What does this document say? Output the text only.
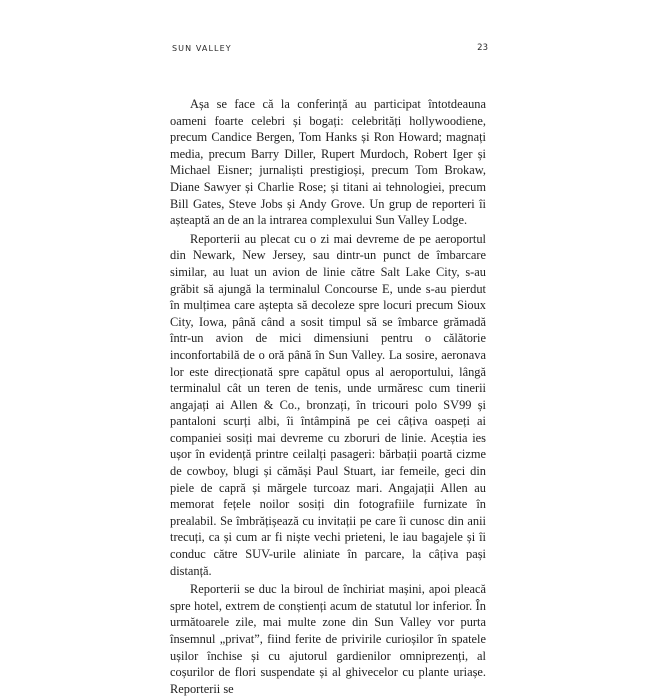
SUN VALLEY	23

Așa se face că la conferință au participat întotdeauna oameni foarte celebri și bogați: celebrități hollywoodiene, precum Candice Bergen, Tom Hanks și Ron Howard; magnați media, precum Barry Diller, Rupert Murdoch, Robert Iger și Michael Eisner; jurnaliști prestigioși, precum Tom Brokaw, Diane Sawyer și Charlie Rose; și titani ai tehnologiei, precum Bill Gates, Steve Jobs și Andy Grove. Un grup de reporteri îi așteaptă an de an la intrarea complexului Sun Valley Lodge.

Reporterii au plecat cu o zi mai devreme de pe aeroportul din Newark, New Jersey, sau dintr-un punct de îmbarcare similar, au luat un avion de linie către Salt Lake City, s-au grăbit să ajungă la terminalul Concourse E, unde s-au pierdut în mulțimea care aștepta să decoleze spre locuri precum Sioux City, Iowa, până când a sosit timpul să se îmbarce grămadă într-un avion de mici dimensiuni pentru o călătorie inconfortabilă de o oră până în Sun Valley. La sosire, aeronava lor este direcționată spre capătul opus al aeroportului, lângă terminalul cât un teren de tenis, unde urmăresc cum tinerii angajați ai Allen & Co., bronzați, în tricouri polo SV99 și pantaloni scurți albi, îi întâmpină pe cei câțiva oaspeți ai companiei sosiți mai devreme cu zboruri de linie. Aceștia ies ușor în evidență printre ceilalți pasageri: bărbații poartă cizme de cowboy, blugi și cămăși Paul Stuart, iar femeile, geci din piele de capră și mărgele turcoaz mari. Angajații Allen au memorat fețele noilor sosiți din fotografiile furnizate în prealabil. Se îmbrățișează cu invitații pe care îi cunosc din anii trecuți, ca și cum ar fi niște vechi prieteni, le iau bagajele și îi conduc către SUV-urile aliniate în parcare, la câțiva pași distanță.

Reporterii se duc la biroul de închiriat mașini, apoi pleacă spre hotel, extrem de conștienți acum de statutul lor inferior. În următoarele zile, mai multe zone din Sun Valley vor purta însemnul „privat”, fiind ferite de privirile curioșilor în spatele ușilor închise și cu ajutorul gardienilor omniprezenți, al coșurilor de flori suspendate și al ghivecelor cu plante uriașe. Reporterii se
